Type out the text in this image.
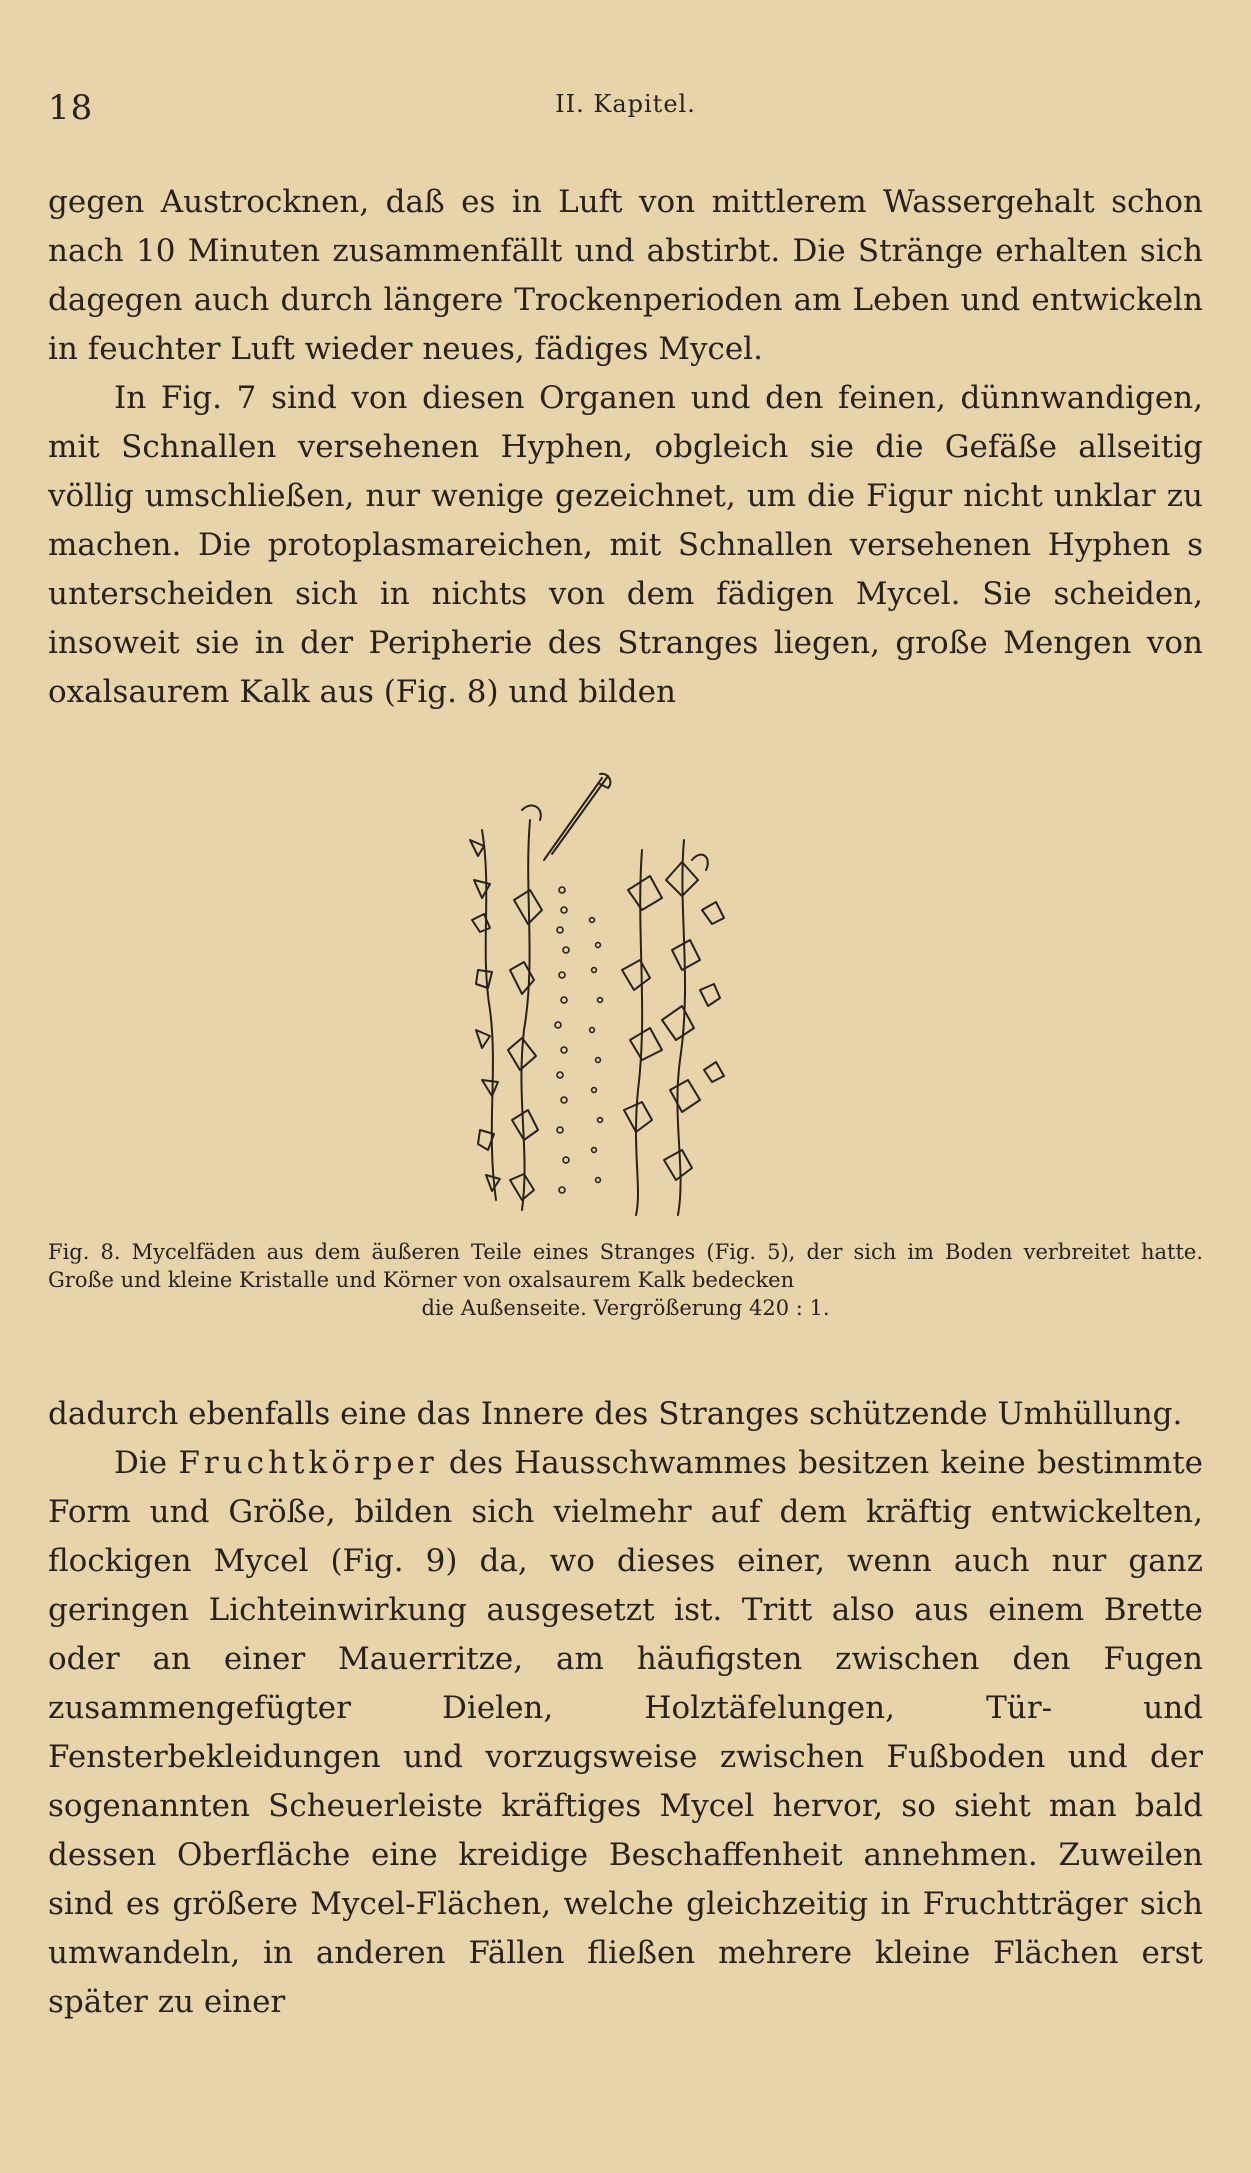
18	II. Kapitel.

gegen Austrocknen, daß es in Luft von mittlerem Wassergehalt schon nach 10 Minuten zusammenfällt und abstirbt. Die Stränge erhalten sich dagegen auch durch längere Trockenperioden am Leben und entwickeln in feuchter Luft wieder neues, fädiges Mycel.

In Fig. 7 sind von diesen Organen und den feinen, dünnwandigen, mit Schnallen versehenen Hyphen, obgleich sie die Gefäße allseitig völlig umschließen, nur wenige gezeichnet, um die Figur nicht unklar zu machen. Die protoplasmareichen, mit Schnallen versehenen Hyphen s unterscheiden sich in nichts von dem fädigen Mycel. Sie scheiden, insoweit sie in der Peripherie des Stranges liegen, große Mengen von oxalsaurem Kalk aus (Fig. 8) und bilden

Fig. 8. Mycelfäden aus dem äußeren Teile eines Stranges (Fig. 5), der sich im Boden verbreitet hatte. Große und kleine Kristalle und Körner von oxalsaurem Kalk bedecken
die Außenseite. Vergrößerung 420 : 1.

dadurch ebenfalls eine das Innere des Stranges schützende Umhüllung.

Die Fruchtkörper des Hausschwammes besitzen keine bestimmte Form und Größe, bilden sich vielmehr auf dem kräftig entwickelten, flockigen Mycel (Fig. 9) da, wo dieses einer, wenn auch nur ganz geringen Lichteinwirkung ausgesetzt ist. Tritt also aus einem Brette oder an einer Mauerritze, am häufigsten zwischen den Fugen zusammengefügter Dielen, Holztäfelungen, Tür- und Fensterbekleidungen und vorzugsweise zwischen Fußboden und der sogenannten Scheuerleiste kräftiges Mycel hervor, so sieht man bald dessen Oberfläche eine kreidige Beschaffenheit annehmen. Zuweilen sind es größere Mycel-Flächen, welche gleichzeitig in Fruchtträger sich umwandeln, in anderen Fällen fließen mehrere kleine Flächen erst später zu einer
